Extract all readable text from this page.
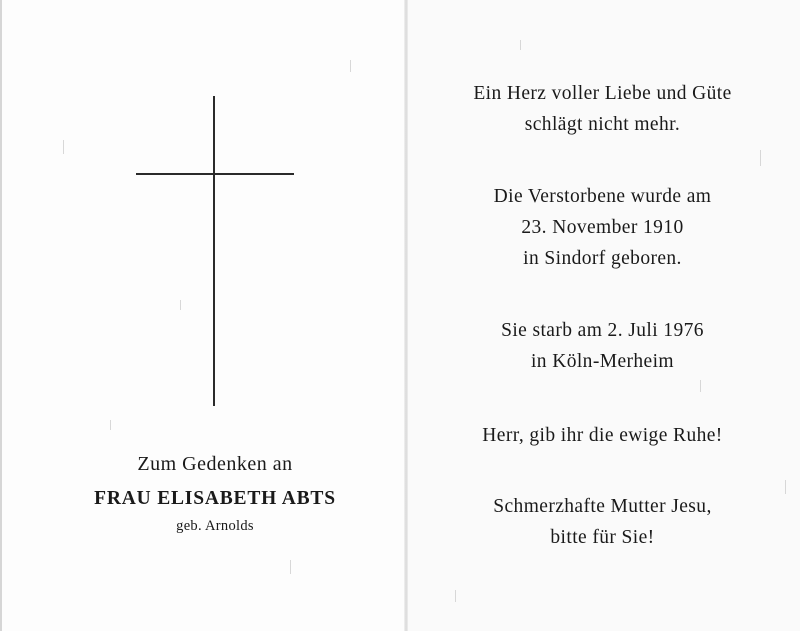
Zum Gedenken an
FRAU ELISABETH ABTS
geb. Arnolds
Ein Herz voller Liebe und Güte
schlägt nicht mehr.
Die Verstorbene wurde am
23. November 1910
in Sindorf geboren.
Sie starb am 2. Juli 1976
in Köln-Merheim
Herr, gib ihr die ewige Ruhe!
Schmerzhafte Mutter Jesu,
bitte für Sie!
